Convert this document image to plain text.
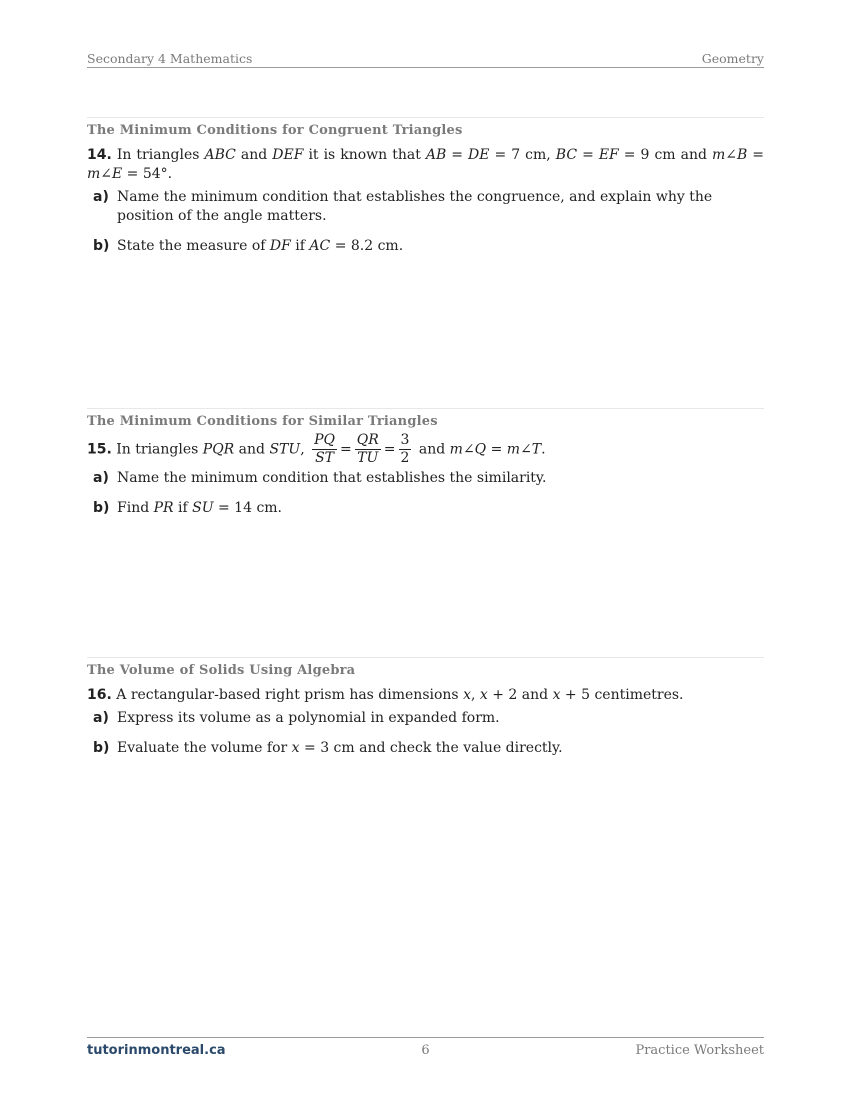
Secondary 4 Mathematics	Geometry
The Minimum Conditions for Congruent Triangles
14. In triangles ABC and DEF it is known that AB = DE = 7 cm, BC = EF = 9 cm and m∠B = m∠E = 54°.
a) Name the minimum condition that establishes the congruence, and explain why the position of the angle matters.
b) State the measure of DF if AC = 8.2 cm.
The Minimum Conditions for Similar Triangles
15. In triangles PQR and STU, $\frac{PQ}{ST} = \frac{QR}{TU} = \frac{3}{2}$ and m∠Q = m∠T.
a) Name the minimum condition that establishes the similarity.
b) Find PR if SU = 14 cm.
The Volume of Solids Using Algebra
16. A rectangular-based right prism has dimensions x, x + 2 and x + 5 centimetres.
a) Express its volume as a polynomial in expanded form.
b) Evaluate the volume for x = 3 cm and check the value directly.
tutorinmontreal.ca	6	Practice Worksheet
